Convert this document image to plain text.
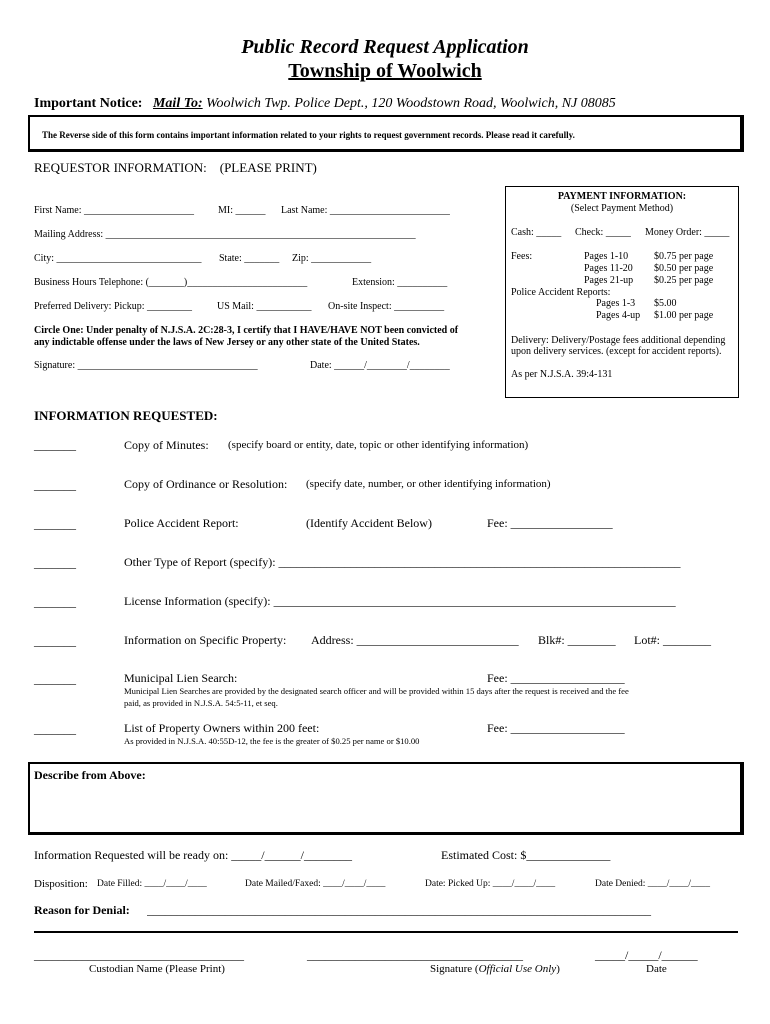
Public Record Request Application
Township of Woolwich
Important Notice: Mail To: Woolwich Twp. Police Dept., 120 Woodstown Road, Woolwich, NJ 08085
The Reverse side of this form contains important information related to your rights to request government records. Please read it carefully.
REQUESTOR INFORMATION: (PLEASE PRINT)
First Name: ______________________ MI: ______ Last Name: ________________________
Mailing Address: ______________________________________________________________
City: _____________________________ State: _______ Zip: ____________
Business Hours Telephone: (_______)________________________	Extension: __________
Preferred Delivery: Pickup: _________ US Mail: ___________ On-site Inspect: __________
Circle One: Under penalty of N.J.S.A. 2C:28-3, I certify that I HAVE/HAVE NOT been convicted of
any indictable offense under the laws of New Jersey or any other state of the United States.
Signature: ____________________________________	Date: ______/________/________
PAYMENT INFORMATION:
(Select Payment Method)
Cash: _____ Check: _____ Money Order: _____
Fees:	Pages 1-10	$0.75 per page
Pages 11-20 $0.50 per page
Pages 21-up $0.25 per page
Police Accident Reports:
Pages 1-3 $5.00
Pages 4-up $1.00 per page
Delivery: Delivery/Postage fees additional depending
upon delivery services. (except for accident reports).
As per N.J.S.A. 39:4-131
INFORMATION REQUESTED:
_______	Copy of Minutes: (specify board or entity, date, topic or other identifying information)
_______	Copy of Ordinance or Resolution: (specify date, number, or other identifying information)
_______	Police Accident Report:	(Identify Accident Below)	Fee: _________________
_______	Other Type of Report (specify): ___________________________________________________________________
_______	License Information (specify): ___________________________________________________________________
_______	Information on Specific Property: Address: ___________________________ Blk#: ________ Lot#: ________
_______	Municipal Lien Search:	Fee: ___________________
Municipal Lien Searches are provided by the designated search officer and will be provided within 15 days after the request is received and the fee
paid, as provided in N.J.S.A. 54:5-11, et seq.
_______	List of Property Owners within 200 feet:	Fee: ___________________
As provided in N.J.S.A. 40:55D-12, the fee is the greater of $0.25 per name or $10.00
Describe from Above:
Information Requested will be ready on: _____/______/________	Estimated Cost: $______________
Disposition: Date Filled: ____/____/____	Date Mailed/Faxed: ____/____/____	Date: Picked Up: ____/____/____	Date Denied: ____/____/____
Reason for Denial: ____________________________________________________________________________________
___________________________________
Custodian Name (Please Print)
____________________________________
Signature (Official Use Only)
_____/_____/______
Date
